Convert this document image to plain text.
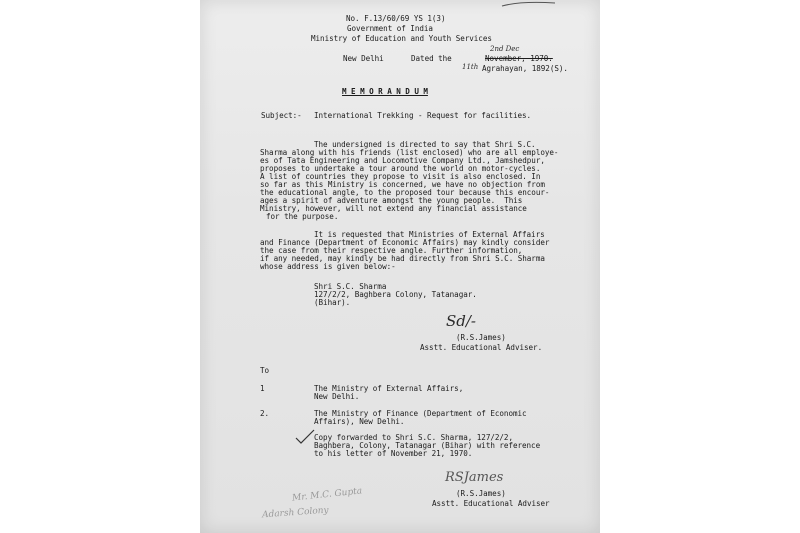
No. F.13/60/69 YS 1(3)
Government of India
Ministry of Education and Youth Services
New Delhi	Dated the
2nd Dec
11th
November, 1970.
Agrahayan, 1892(S).
M E M O R A N D U M
Subject:- International Trekking - Request for facilities.
The undersigned is directed to say that Shri S.C.
Sharma along with his friends (list enclosed) who are all employe-
es of Tata Engineering and Locomotive Company Ltd., Jamshedpur,
proposes to undertake a tour around the world on motor-cycles.
A list of countries they propose to visit is also enclosed. In
so far as this Ministry is concerned, we have no objection from
the educational angle, to the proposed tour because this encour-
ages a spirit of adventure amongst the young people.  This
Ministry, however, will not extend any financial assistance
for the purpose.
It is requested that Ministries of External Affairs
and Finance (Department of Economic Affairs) may kindly consider
the case from their respective angle. Further information,
if any needed, may kindly be had directly from Shri S.C. Sharma
whose address is given below:-
Shri S.C. Sharma
127/2/2, Baghbera Colony, Tatanagar.
(Bihar).
Sd/-
(R.S.James)
Asstt. Educational Adviser.
To
1	The Ministry of External Affairs,
New Delhi.
2.	The Ministry of Finance (Department of Economic
Affairs), New Delhi.
Copy forwarded to Shri S.C. Sharma, 127/2/2,
Baghbera, Colony, Tatanagar (Bihar) with reference
to his letter of November 21, 1970.
Mr. M.C. Gupta
Adarsh Colony
RSJames
(R.S.James)
Asstt. Educational Adviser
